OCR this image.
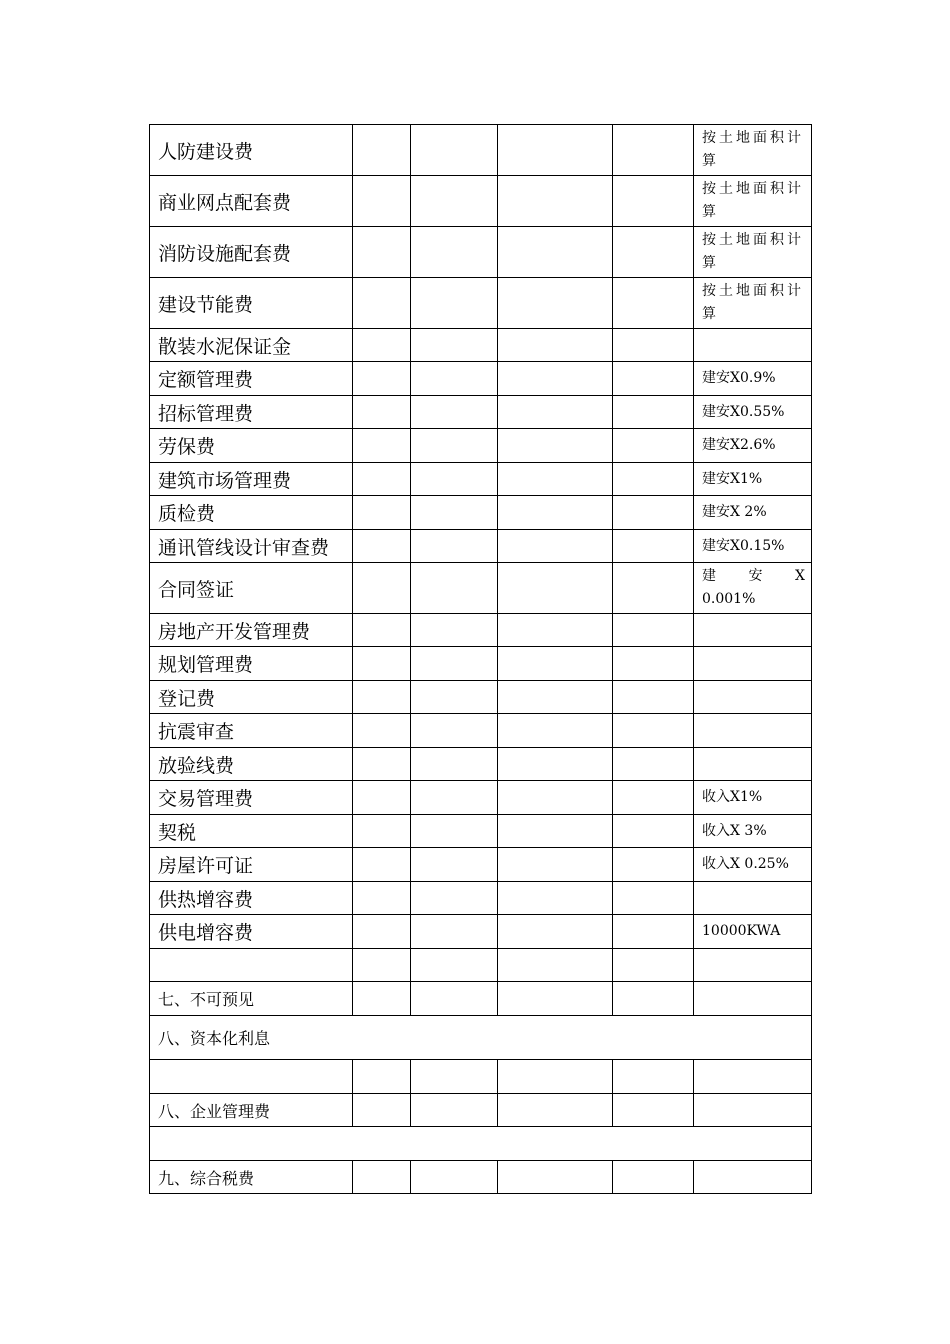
人防建设费					按土地面积计算
商业网点配套费					按土地面积计算
消防设施配套费					按土地面积计算
建设节能费					按土地面积计算
散装水泥保证金					
定额管理费					建安X0.9%
招标管理费					建安X0.55%
劳保费					建安X2.6%
建筑市场管理费					建安X1%
质检费					建安X 2%
通讯管线设计审查费					建安X0.15%
合同签证					建 安 X 0.001%
房地产开发管理费					
规划管理费					
登记费					
抗震审查					
放验线费					
交易管理费					收入X1%
契税					收入X 3%
房屋许可证					收入X 0.25%
供热增容费					
供电增容费					10000KWA

七、不可预见					
八、资本化利息					

八、企业管理费					

九、综合税费					
